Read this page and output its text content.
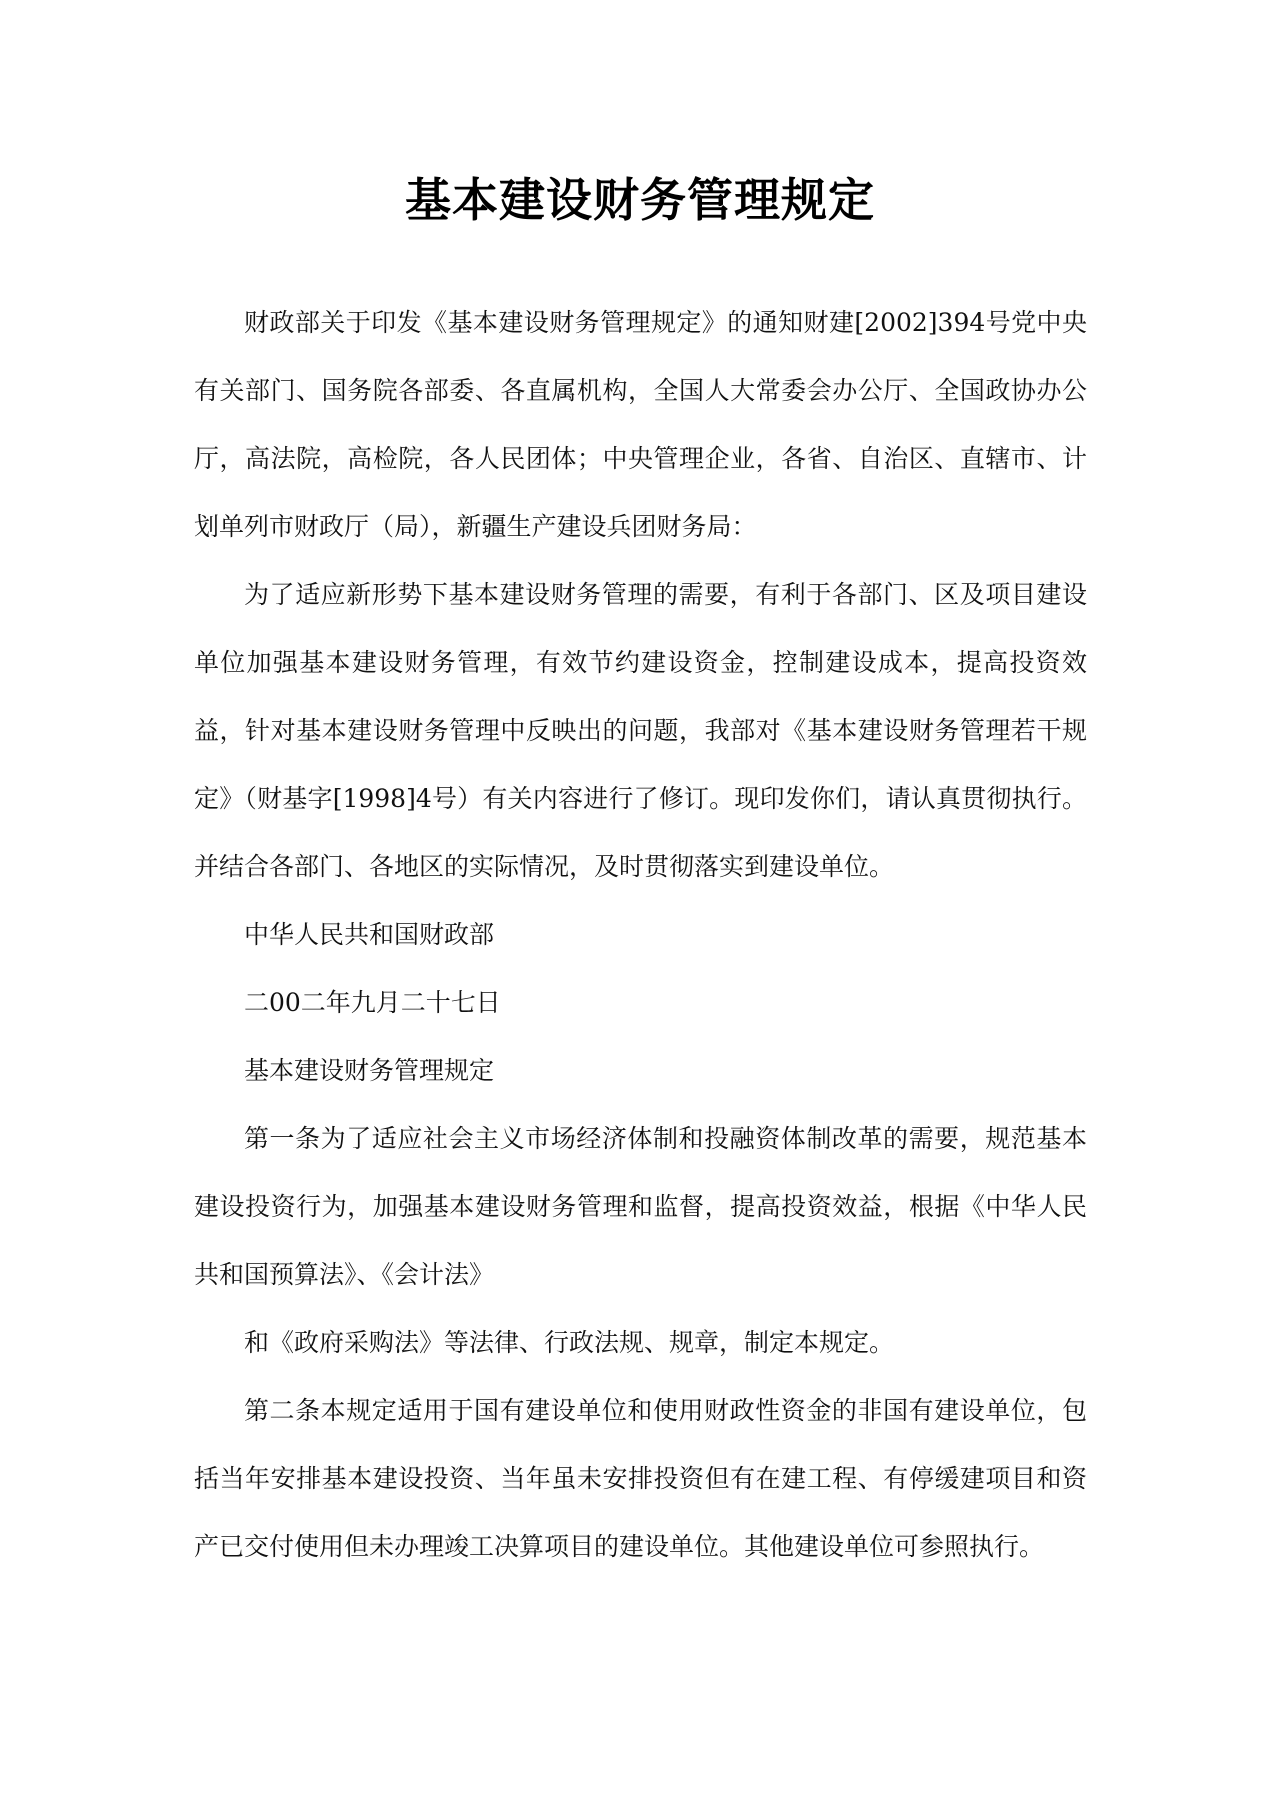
基本建设财务管理规定

财政部关于印发《基本建设财务管理规定》的通知财建[2002]394号党中央有关部门、国务院各部委、各直属机构，全国人大常委会办公厅、全国政协办公厅，高法院，高检院，各人民团体；中央管理企业，各省、自治区、直辖市、计划单列市财政厅（局），新疆生产建设兵团财务局：

为了适应新形势下基本建设财务管理的需要，有利于各部门、区及项目建设单位加强基本建设财务管理，有效节约建设资金，控制建设成本，提高投资效益，针对基本建设财务管理中反映出的问题，我部对《基本建设财务管理若干规定》（财基字[1998]4号）有关内容进行了修订。现印发你们，请认真贯彻执行。并结合各部门、各地区的实际情况，及时贯彻落实到建设单位。

中华人民共和国财政部

二00二年九月二十七日

基本建设财务管理规定

第一条为了适应社会主义市场经济体制和投融资体制改革的需要，规范基本建设投资行为，加强基本建设财务管理和监督，提高投资效益，根据《中华人民共和国预算法》、《会计法》

和《政府采购法》等法律、行政法规、规章，制定本规定。

第二条本规定适用于国有建设单位和使用财政性资金的非国有建设单位，包括当年安排基本建设投资、当年虽未安排投资但有在建工程、有停缓建项目和资产已交付使用但未办理竣工决算项目的建设单位。其他建设单位可参照执行。
